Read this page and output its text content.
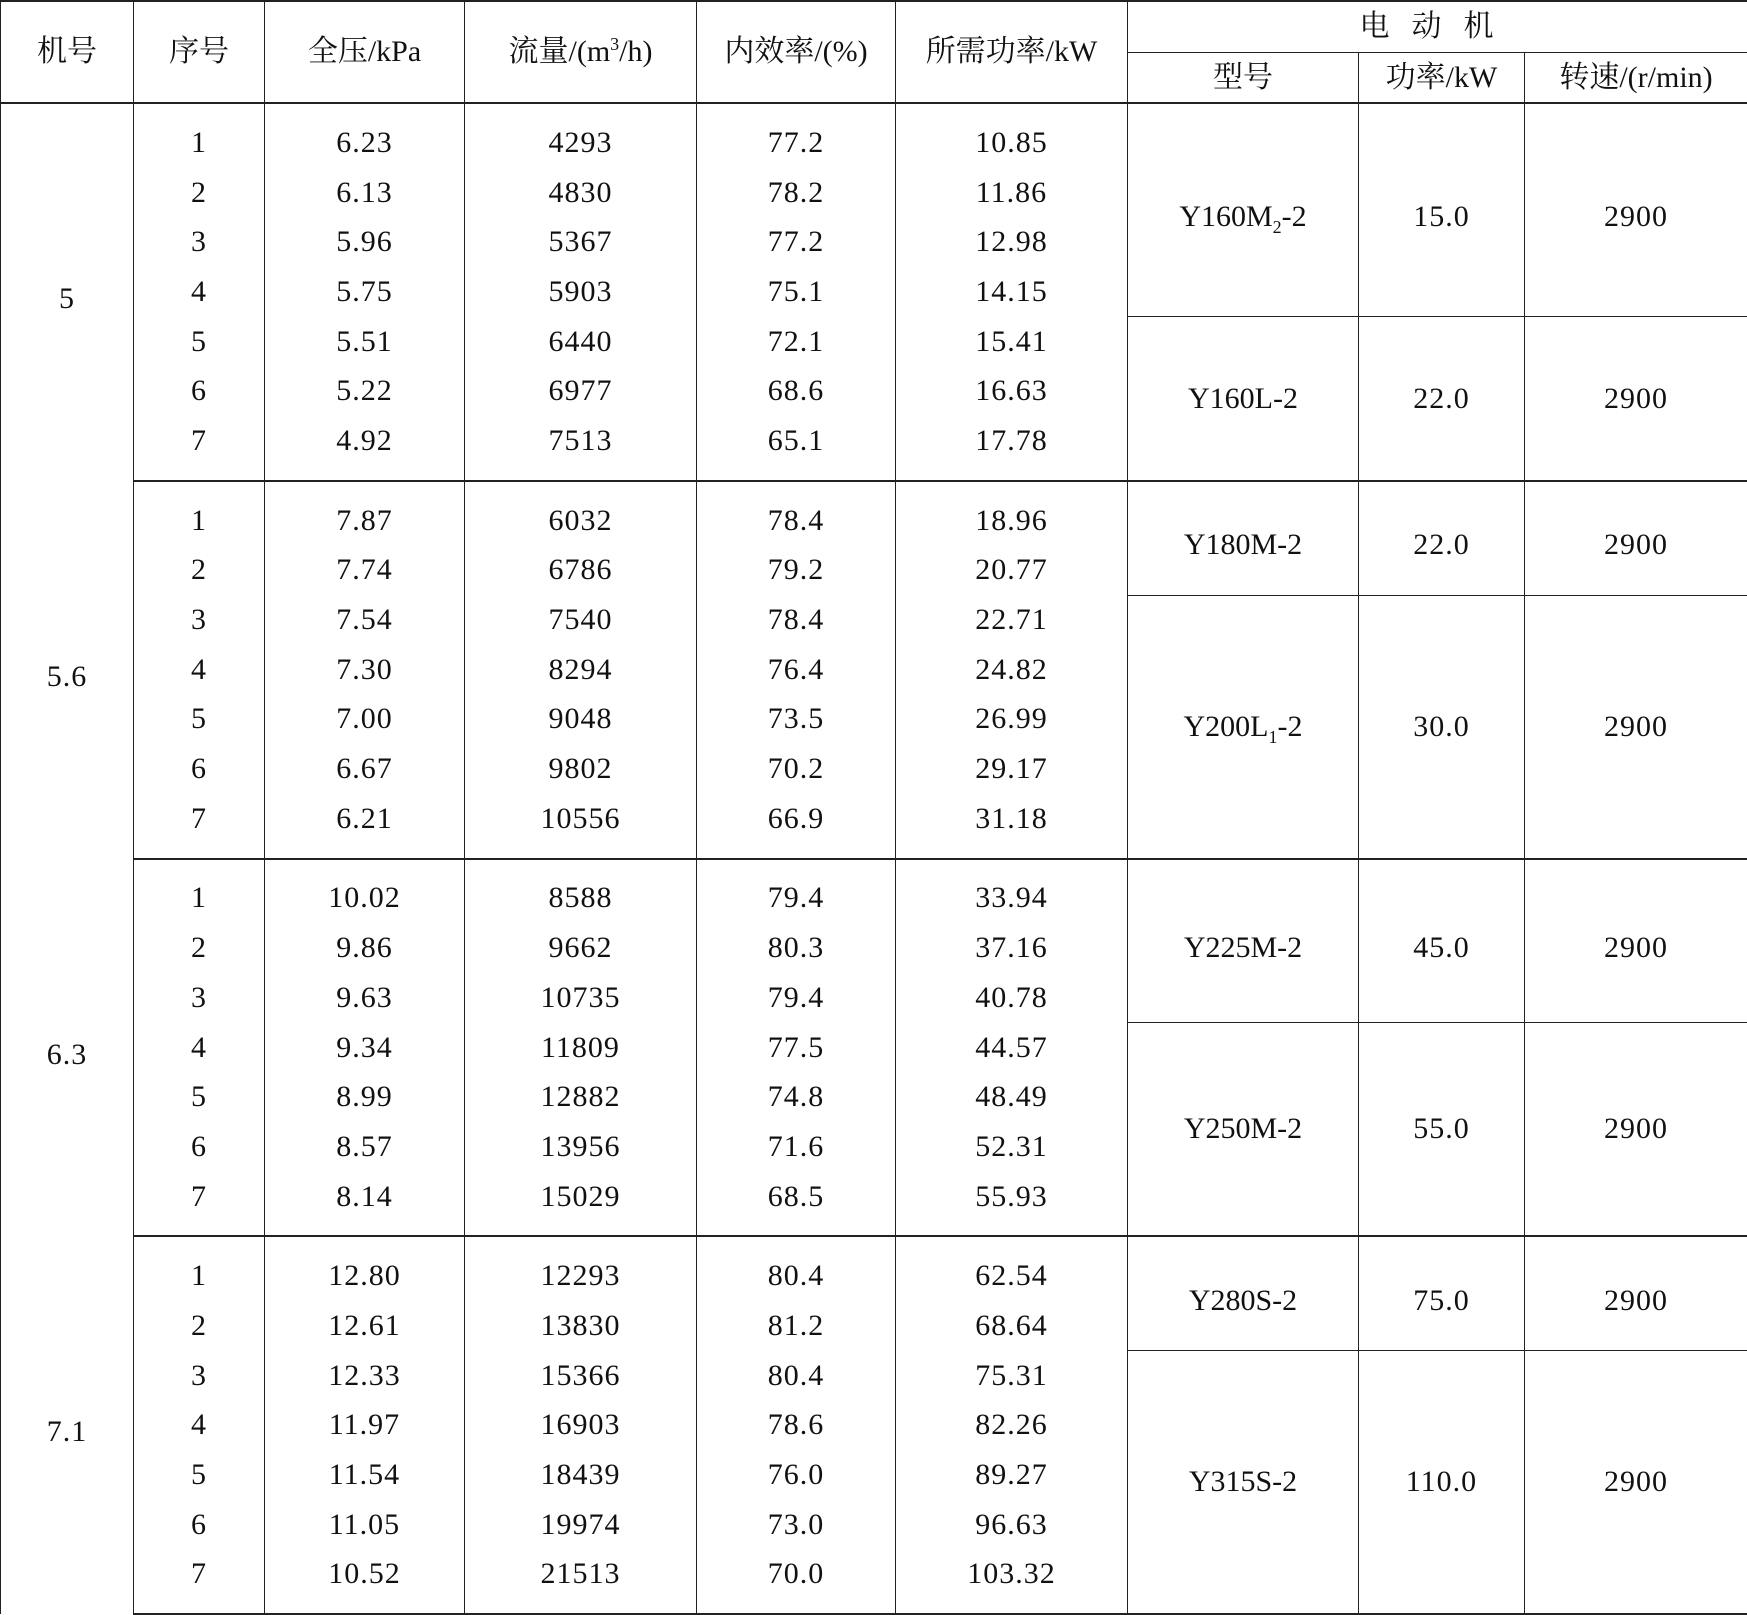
机号	序号	全压/kPa	流量$/(m^3/h)$	内效率/(%)	所需功率/kW	电动机		
						型号	功率/kW	转速/(r/min)
5	1	6.23	4293	77.2	10.85	$Y160M_2-2$	15.0	2900
	2	6.13	4830	78.2	11.86			
	3	5.96	5367	77.2	12.98			
	4	5.75	5903	75.1	14.15			
	5	5.51	6440	72.1	15.41	Y160L-2	22.0	2900
	6	5.22	6977	68.6	16.63			
	7	4.92	7513	65.1	17.78			
5.6	1	7.87	6032	78.4	18.96	Y180M-2	22.0	2900
	2	7.74	6786	79.2	20.77			
	3	7.54	7540	78.4	22.71	$Y200L_1-2$	30.0	2900
	4	7.30	8294	76.4	24.82			
	5	7.00	9048	73.5	26.99			
	6	6.67	9802	70.2	29.17			
	7	6.21	10556	66.9	31.18			
6.3	1	10.02	8588	79.4	33.94	Y225M-2	45.0	2900
	2	9.86	9662	80.3	37.16			
	3	9.63	10735	79.4	40.78			
	4	9.34	11809	77.5	44.57	Y250M-2	55.0	2900
	5	8.99	12882	74.8	48.49			
	6	8.57	13956	71.6	52.31			
	7	8.14	15029	68.5	55.93			
7.1	1	12.80	12293	80.4	62.54	Y280S-2	75.0	2900
	2	12.61	13830	81.2	68.64			
	3	12.33	15366	80.4	75.31	Y315S-2	110.0	2900
	4	11.97	16903	78.6	82.26			
	5	11.54	18439	76.0	89.27			
	6	11.05	19974	73.0	96.63			
	7	10.52	21513	70.0	103.32			
